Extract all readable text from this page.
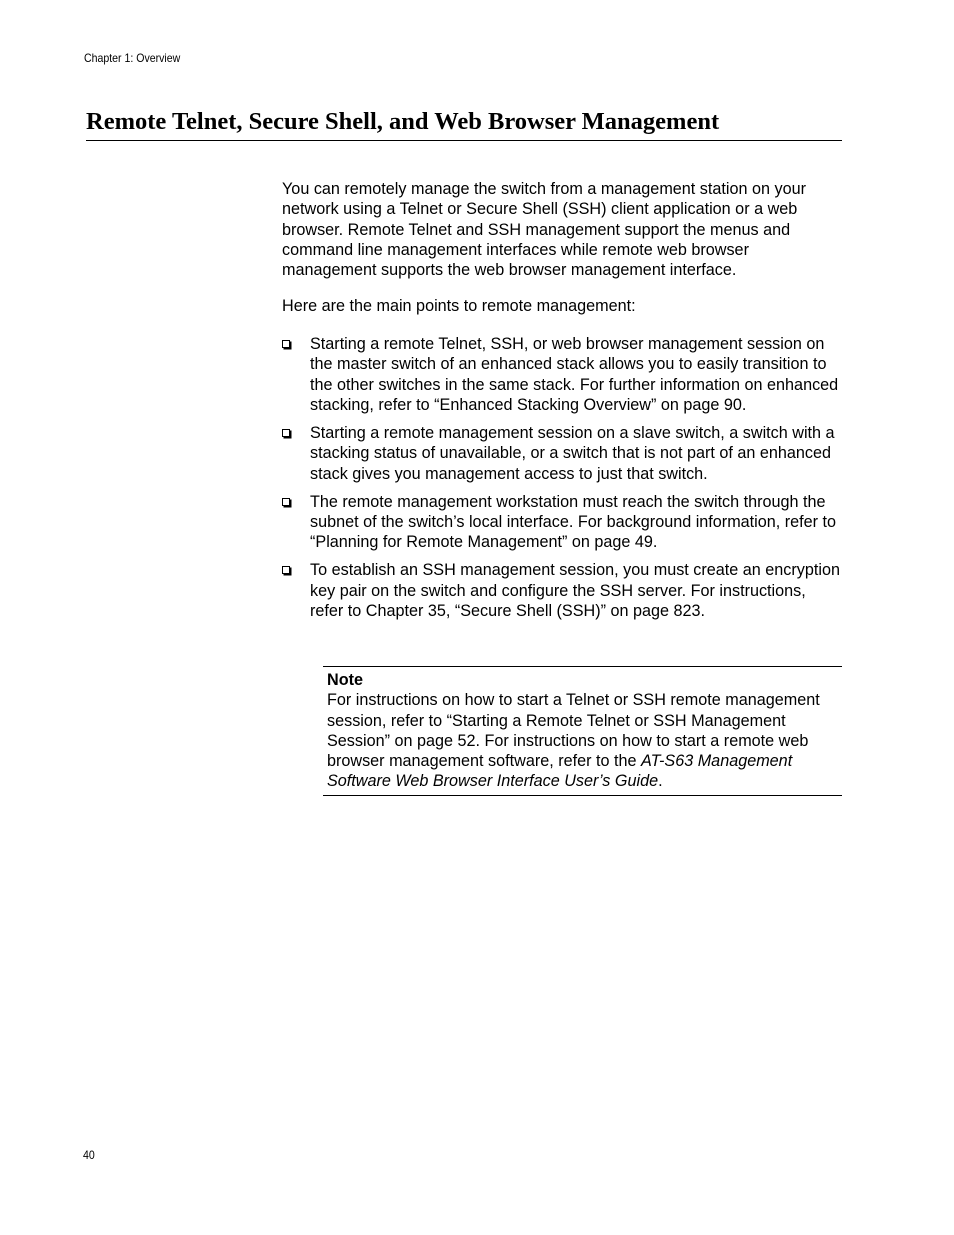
Chapter 1: Overview
Remote Telnet, Secure Shell, and Web Browser Management

You can remotely manage the switch from a management station on your network using a Telnet or Secure Shell (SSH) client application or a web browser. Remote Telnet and SSH management support the menus and command line management interfaces while remote web browser management supports the web browser management interface.

Here are the main points to remote management:

Starting a remote Telnet, SSH, or web browser management session on the master switch of an enhanced stack allows you to easily transition to the other switches in the same stack. For further information on enhanced stacking, refer to “Enhanced Stacking Overview” on page 90.
Starting a remote management session on a slave switch, a switch with a stacking status of unavailable, or a switch that is not part of an enhanced stack gives you management access to just that switch.
The remote management workstation must reach the switch through the subnet of the switch’s local interface. For background information, refer to “Planning for Remote Management” on page 49.
To establish an SSH management session, you must create an encryption key pair on the switch and configure the SSH server. For instructions, refer to Chapter 35, “Secure Shell (SSH)” on page 823.
Note

For instructions on how to start a Telnet or SSH remote management session, refer to “Starting a Remote Telnet or SSH Management Session” on page 52. For instructions on how to start a remote web browser management software, refer to the AT-S63 Management Software Web Browser Interface User’s Guide.

40
